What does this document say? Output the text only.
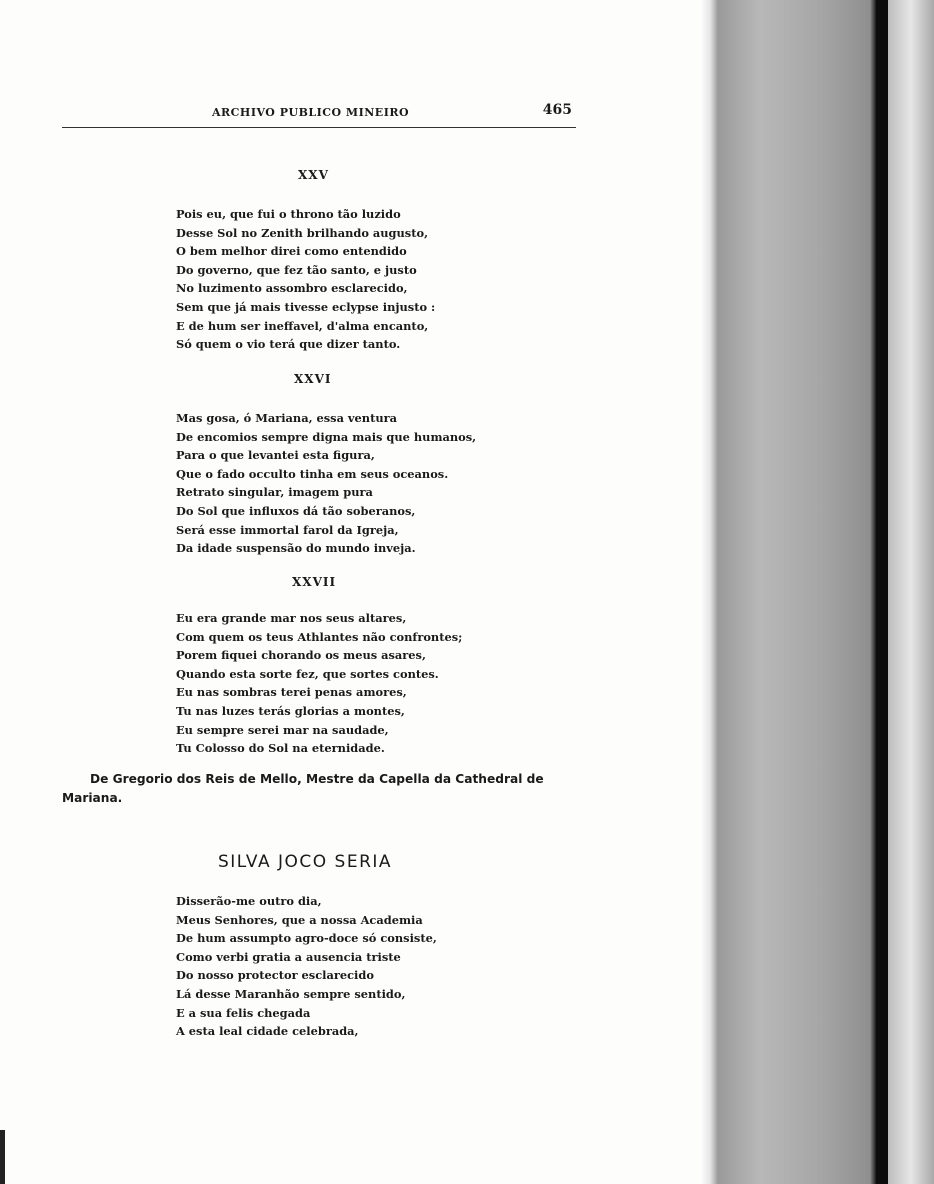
ARCHIVO PUBLICO MINEIRO	465
XXV
Pois eu, que fui o throno tão luzido
Desse Sol no Zenith brilhando augusto,
O bem melhor direi como entendido
Do governo, que fez tão santo, e justo
No luzimento assombro esclarecido,
Sem que já mais tivesse eclypse injusto :
E de hum ser ineffavel, d'alma encanto,
Só quem o vio terá que dizer tanto.
XXVI
Mas gosa, ó Mariana, essa ventura
De encomios sempre digna mais que humanos,
Para o que levantei esta figura,
Que o fado occulto tinha em seus oceanos.
Retrato singular, imagem pura
Do Sol que influxos dá tão soberanos,
Será esse immortal farol da Igreja,
Da idade suspensão do mundo inveja.
XXVII
Eu era grande mar nos seus altares,
Com quem os teus Athlantes não confrontes;
Porem fiquei chorando os meus asares,
Quando esta sorte fez, que sortes contes.
Eu nas sombras terei penas amores,
Tu nas luzes terás glorias a montes,
Eu sempre serei mar na saudade,
Tu Colosso do Sol na eternidade.

De Gregorio dos Reis de Mello, Mestre da Capella da Cathedral de Mariana.

SILVA JOCO SERIA
Disserão-me outro dia,
Meus Senhores, que a nossa Academia
De hum assumpto agro-doce só consiste,
Como verbi gratia a ausencia triste
Do nosso protector esclarecido
Lá desse Maranhão sempre sentido,
E a sua felis chegada
A esta leal cidade celebrada,
